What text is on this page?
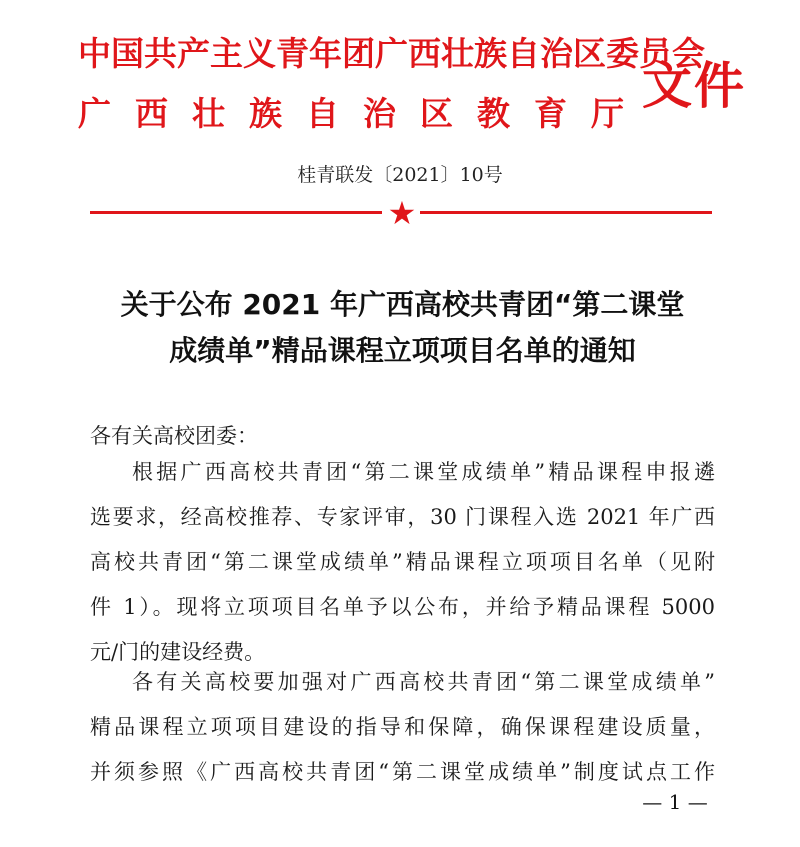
中国共产主义青年团广西壮族自治区委员会
广西壮族自治区教育厅
文件
桂青联发〔2021〕10号
★
关于公布 2021 年广西高校共青团“第二课堂
成绩单”精品课程立项项目名单的通知
各有关高校团委：
根据广西高校共青团“第二课堂成绩单”精品课程申报遴
选要求，经高校推荐、专家评审，30 门课程入选 2021 年广西
高校共青团“第二课堂成绩单”精品课程立项项目名单（见附
件 1）。现将立项项目名单予以公布，并给予精品课程 5000
元/门的建设经费。
各有关高校要加强对广西高校共青团“第二课堂成绩单”
精品课程立项项目建设的指导和保障，确保课程建设质量，
并须参照《广西高校共青团“第二课堂成绩单”制度试点工作
— 1 —
